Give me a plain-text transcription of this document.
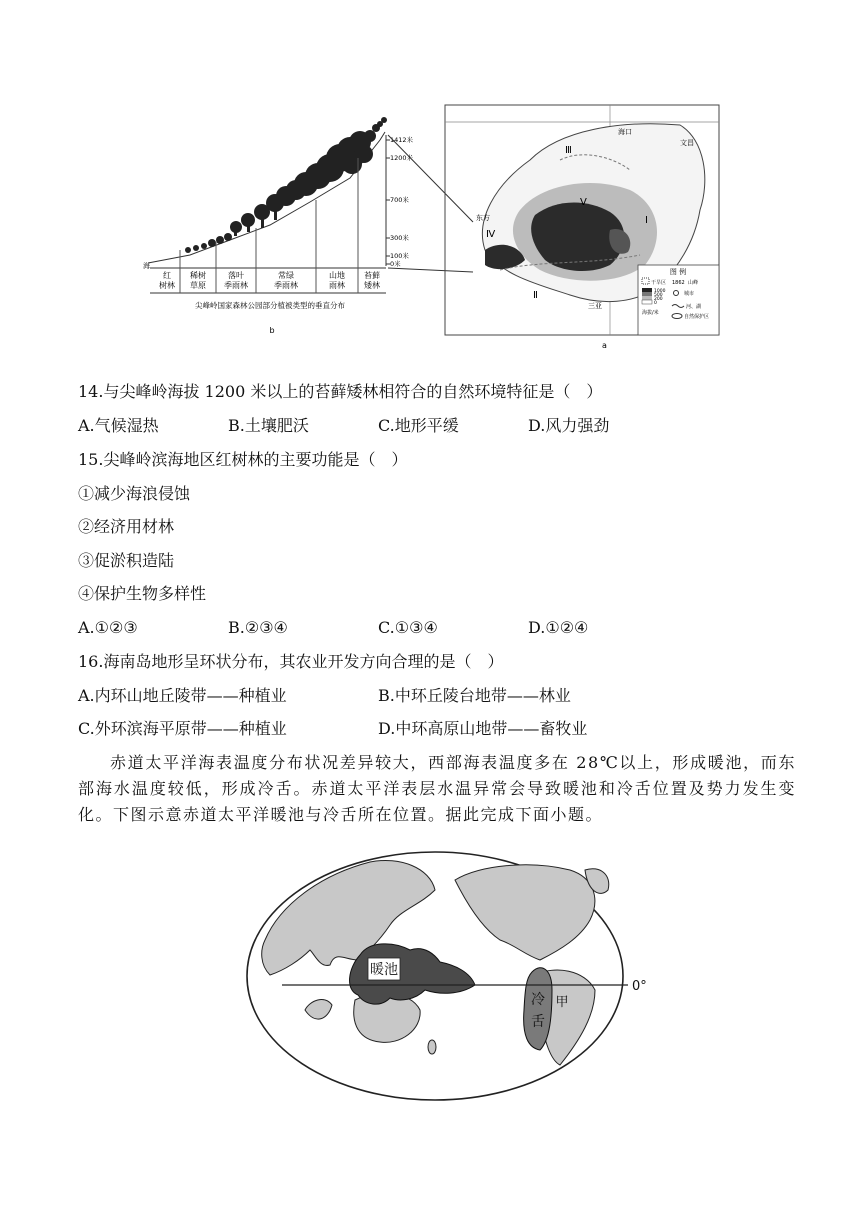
1412米
1200米
700米
300米
100米
0米
海
红
树林
稀树
草原
落叶
季雨林
常绿
季雨林
山地
雨林
苔藓
矮林
尖峰岭国家森林公园部分植被类型的垂直分布
b
海口
文昌
东方
三亚
Ⅰ
Ⅱ
Ⅲ
Ⅳ
Ⅴ
图 例
干旱区 1862 山峰
1000
500
200
0
城市
河、湖
海拔/米
自然保护区
a
14.与尖峰岭海拔 1200 米以上的苔藓矮林相符合的自然环境特征是（　）
A.气候湿热	B.土壤肥沃	C.地形平缓	D.风力强劲
15.尖峰岭滨海地区红树林的主要功能是（　）
①减少海浪侵蚀
②经济用材林
③促淤积造陆
④保护生物多样性
A.①②③	B.②③④	C.①③④	D.①②④
16.海南岛地形呈环状分布，其农业开发方向合理的是（　）
A.内环山地丘陵带——种植业	B.中环丘陵台地带——林业
C.外环滨海平原带——种植业	D.中环高原山地带——畜牧业
赤道太平洋海表温度分布状况差异较大，西部海表温度多在 28℃以上，形成暖池，而东部海水温度较低，形成冷舌。赤道太平洋表层水温异常会导致暖池和冷舌位置及势力发生变化。下图示意赤道太平洋暖池与冷舌所在位置。据此完成下面小题。
暖池
冷
舌
甲
0°
